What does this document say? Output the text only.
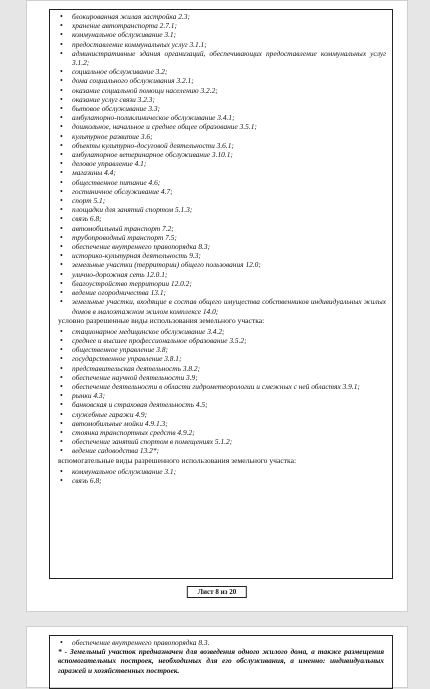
• блокированная жилая застройка 2.3;
• хранение автотранспорта 2.7.1;
• коммунальное обслуживание 3.1;
• предоставление коммунальных услуг 3.1.1;
• административные здания организаций, обеспечивающих предоставление коммунальных услуг 3.1.2;
• социальное обслуживание 3.2;
• дома социального обслуживания 3.2.1;
• оказание социальной помощи населению 3.2.2;
• оказание услуг связи 3.2.3;
• бытовое обслуживание 3.3;
• амбулаторно-поликлиническое обслуживание 3.4.1;
• дошкольное, начальное и среднее общее образование 3.5.1;
• культурное развитие 3.6;
• объекты культурно-досуговой деятельности 3.6.1;
• амбулаторное ветеринарное обслуживание 3.10.1;
• деловое управление 4.1;
• магазины 4.4;
• общественное питание 4.6;
• гостиничное обслуживание 4.7;
• спорт 5.1;
• площадки для занятий спортом 5.1.3;
• связь 6.8;
• автомобильный транспорт 7.2;
• трубопроводный транспорт 7.5;
• обеспечение внутреннего правопорядка 8.3;
• историко-культурная деятельность 9.3;
• земельные участки (территории) общего пользования 12.0;
• улично-дорожная сеть 12.0.1;
• благоустройство территории 12.0.2;
• ведение огородничества 13.1;
• земельные участки, входящие в состав общего имущества собственников индивидуальных жилых домов в малоэтажном жилом комплексе 14.0;
условно разрешенные виды использования земельного участка:
• стационарное медицинское обслуживание 3.4.2;
• среднее и высшее профессиональное образование 3.5.2;
• общественное управление 3.8;
• государственное управление 3.8.1;
• представительская деятельность 3.8.2;
• обеспечение научной деятельности 3.9;
• обеспечение деятельности в области гидрометеорологии и смежных с ней областях 3.9.1;
• рынки 4.3;
• банковская и страховая деятельность 4.5;
• служебные гаражи 4.9;
• автомобильные мойки 4.9.1.3;
• стоянка транспортных средств 4.9.2;
• обеспечение занятий спортом в помещениях 5.1.2;
• ведение садоводства 13.2*;
вспомогательные виды разрешенного использования земельного участка:
• коммунальное обслуживание 3.1;
• связь 6.8;
Лист 8 из 20
• обеспечение внутреннего правопорядка 8.3.

* - Земельный участок предназначен для возведения одного жилого дома, а также размещения вспомогательных построек, необходимых для его обслуживания, а именно: индивидуальных гаражей и хозяйственных построек.
